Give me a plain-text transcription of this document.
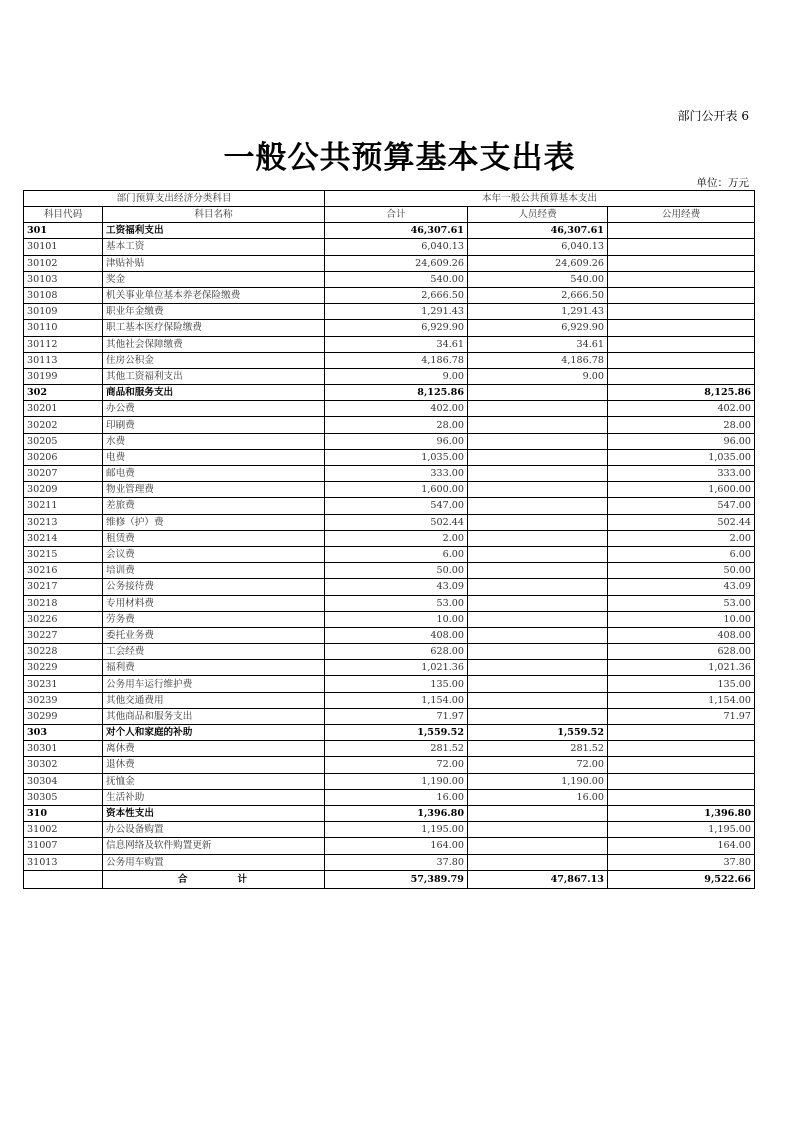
部门公开表 6
一般公共预算基本支出表
单位：万元
部门预算支出经济分类科目		本年一般公共预算基本支出		
科目代码	科目名称	合计	人员经费	公用经费
301	工资福利支出	46,307.61	46,307.61	
30101	基本工资	6,040.13	6,040.13	
30102	津贴补贴	24,609.26	24,609.26	
30103	奖金	540.00	540.00	
30108	机关事业单位基本养老保险缴费	2,666.50	2,666.50	
30109	职业年金缴费	1,291.43	1,291.43	
30110	职工基本医疗保险缴费	6,929.90	6,929.90	
30112	其他社会保障缴费	34.61	34.61	
30113	住房公积金	4,186.78	4,186.78	
30199	其他工资福利支出	9.00	9.00	
302	商品和服务支出	8,125.86		8,125.86
30201	办公费	402.00		402.00
30202	印刷费	28.00		28.00
30205	水费	96.00		96.00
30206	电费	1,035.00		1,035.00
30207	邮电费	333.00		333.00
30209	物业管理费	1,600.00		1,600.00
30211	差旅费	547.00		547.00
30213	维修（护）费	502.44		502.44
30214	租赁费	2.00		2.00
30215	会议费	6.00		6.00
30216	培训费	50.00		50.00
30217	公务接待费	43.09		43.09
30218	专用材料费	53.00		53.00
30226	劳务费	10.00		10.00
30227	委托业务费	408.00		408.00
30228	工会经费	628.00		628.00
30229	福利费	1,021.36		1,021.36
30231	公务用车运行维护费	135.00		135.00
30239	其他交通费用	1,154.00		1,154.00
30299	其他商品和服务支出	71.97		71.97
303	对个人和家庭的补助	1,559.52	1,559.52	
30301	离休费	281.52	281.52	
30302	退休费	72.00	72.00	
30304	抚恤金	1,190.00	1,190.00	
30305	生活补助	16.00	16.00	
310	资本性支出	1,396.80		1,396.80
31002	办公设备购置	1,195.00		1,195.00
31007	信息网络及软件购置更新	164.00		164.00
31013	公务用车购置	37.80		37.80
	合 计	57,389.79	47,867.13	9,522.66
